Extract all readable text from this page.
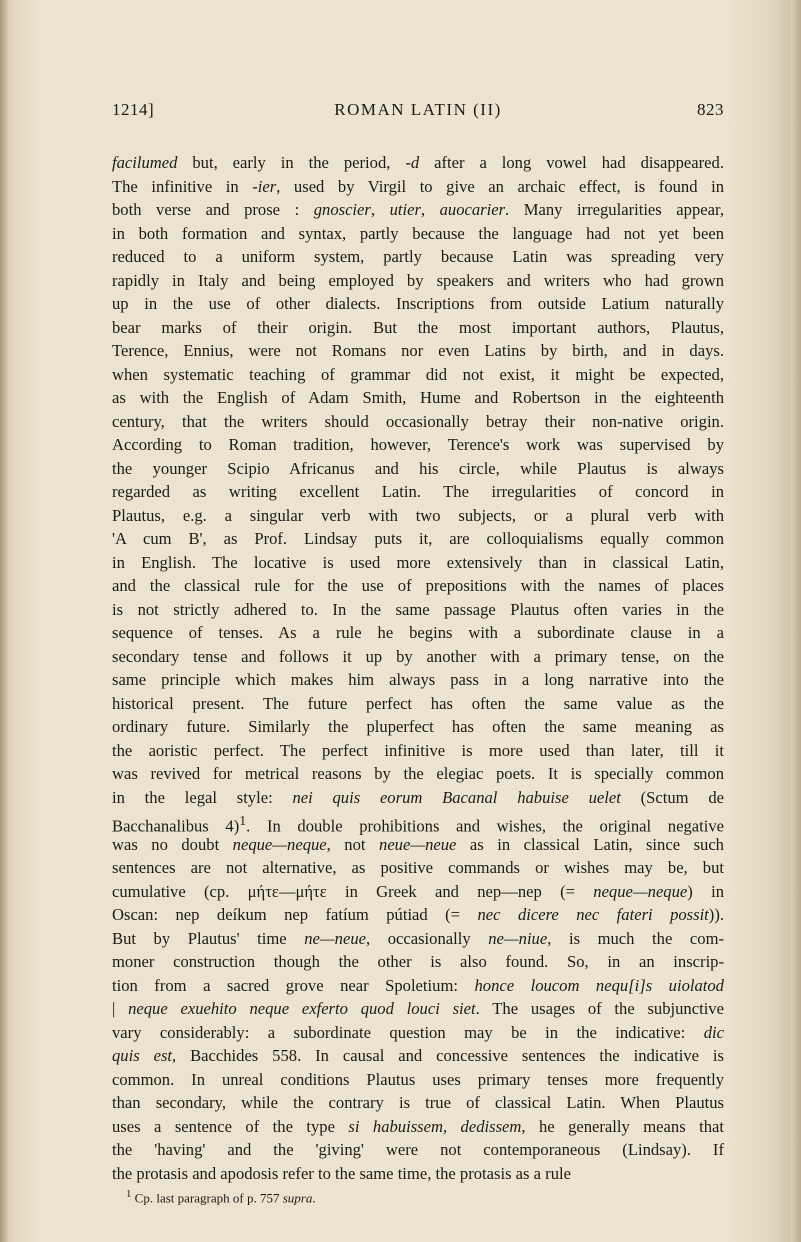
1214]	ROMAN LATIN (II)	823
facilumed but, early in the period, -d after a long vowel had disappeared.
The infinitive in -ier, used by Virgil to give an archaic effect, is found in
both verse and prose : gnoscier, utier, auocarier. Many irregularities appear,
in both formation and syntax, partly because the language had not yet been
reduced to a uniform system, partly because Latin was spreading very
rapidly in Italy and being employed by speakers and writers who had grown
up in the use of other dialects. Inscriptions from outside Latium naturally
bear marks of their origin. But the most important authors, Plautus,
Terence, Ennius, were not Romans nor even Latins by birth, and in days.
when systematic teaching of grammar did not exist, it might be expected,
as with the English of Adam Smith, Hume and Robertson in the eighteenth
century, that the writers should occasionally betray their non-native origin.
According to Roman tradition, however, Terence's work was supervised by
the younger Scipio Africanus and his circle, while Plautus is always
regarded as writing excellent Latin. The irregularities of concord in
Plautus, e.g. a singular verb with two subjects, or a plural verb with
'A cum B', as Prof. Lindsay puts it, are colloquialisms equally common
in English. The locative is used more extensively than in classical Latin,
and the classical rule for the use of prepositions with the names of places
is not strictly adhered to. In the same passage Plautus often varies in the
sequence of tenses. As a rule he begins with a subordinate clause in a
secondary tense and follows it up by another with a primary tense, on the
same principle which makes him always pass in a long narrative into the
historical present. The future perfect has often the same value as the
ordinary future. Similarly the pluperfect has often the same meaning as
the aoristic perfect. The perfect infinitive is more used than later, till it
was revived for metrical reasons by the elegiac poets. It is specially common
in the legal style: nei quis eorum Bacanal habuise uelet (Sctum de
Bacchanalibus 4)$^1$. In double prohibitions and wishes, the original negative
was no doubt neque—neque, not neue—neue as in classical Latin, since such
sentences are not alternative, as positive commands or wishes may be, but
cumulative (cp. μήτε—μήτε in Greek and nep—nep (= neque—neque) in
Oscan: nep deíkum nep fatíum pútiad (= nec dicere nec fateri possit)).
But by Plautus' time ne—neue, occasionally ne—niue, is much the com-
moner construction though the other is also found. So, in an inscrip-
tion from a sacred grove near Spoletium: honce loucom nequ[i]s uiolatod
| neque exuehito neque exferto quod louci siet. The usages of the subjunctive
vary considerably: a subordinate question may be in the indicative: dic
quis est, Bacchides 558. In causal and concessive sentences the indicative is
common. In unreal conditions Plautus uses primary tenses more frequently
than secondary, while the contrary is true of classical Latin. When Plautus
uses a sentence of the type si habuissem, dedissem, he generally means that
the 'having' and the 'giving' were not contemporaneous (Lindsay). If
the protasis and apodosis refer to the same time, the protasis as a rule
$^1$ Cp. last paragraph of p. 757 supra.
